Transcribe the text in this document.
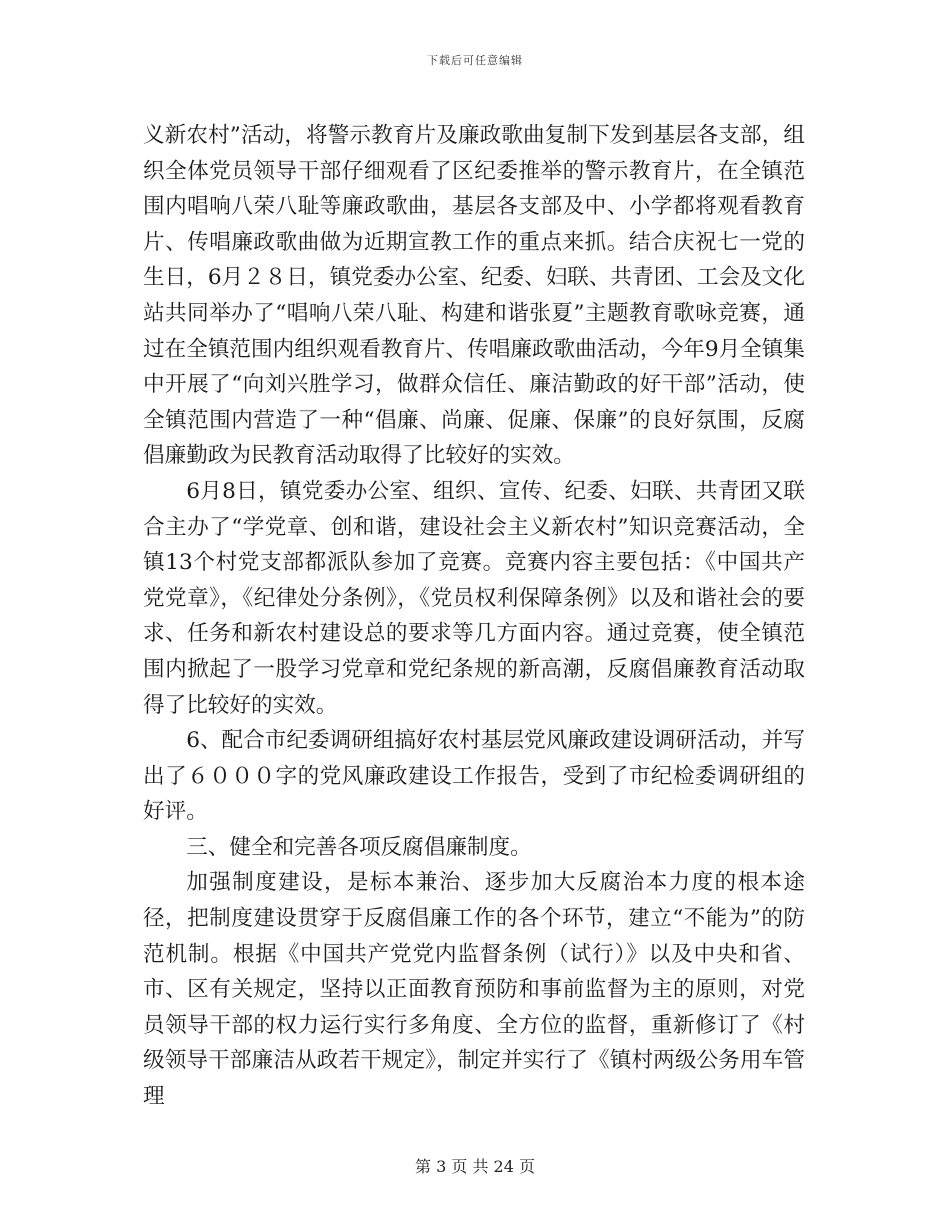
下载后可任意编辑

义新农村”活动，将警示教育片及廉政歌曲复制下发到基层各支部，组织全体党员领导干部仔细观看了区纪委推举的警示教育片，在全镇范围内唱响八荣八耻等廉政歌曲，基层各支部及中、小学都将观看教育片、传唱廉政歌曲做为近期宣教工作的重点来抓。结合庆祝七一党的生日，6月２８日，镇党委办公室、纪委、妇联、共青团、工会及文化站共同举办了“唱响八荣八耻、构建和谐张夏”主题教育歌咏竞赛，通过在全镇范围内组织观看教育片、传唱廉政歌曲活动，今年9月全镇集中开展了“向刘兴胜学习，做群众信任、廉洁勤政的好干部”活动，使全镇范围内营造了一种“倡廉、尚廉、促廉、保廉”的良好氛围，反腐倡廉勤政为民教育活动取得了比较好的实效。

6月8日，镇党委办公室、组织、宣传、纪委、妇联、共青团又联合主办了“学党章、创和谐，建设社会主义新农村”知识竞赛活动，全镇13个村党支部都派队参加了竞赛。竞赛内容主要包括：《中国共产党党章》，《纪律处分条例》，《党员权利保障条例》以及和谐社会的要求、任务和新农村建设总的要求等几方面内容。通过竞赛，使全镇范围内掀起了一股学习党章和党纪条规的新高潮，反腐倡廉教育活动取得了比较好的实效。

6、配合市纪委调研组搞好农村基层党风廉政建设调研活动，并写出了６０００字的党风廉政建设工作报告，受到了市纪检委调研组的好评。

三、健全和完善各项反腐倡廉制度。

加强制度建设，是标本兼治、逐步加大反腐治本力度的根本途径，把制度建设贯穿于反腐倡廉工作的各个环节，建立“不能为”的防范机制。根据《中国共产党党内监督条例（试行）》以及中央和省、市、区有关规定，坚持以正面教育预防和事前监督为主的原则，对党员领导干部的权力运行实行多角度、全方位的监督，重新修订了《村级领导干部廉洁从政若干规定》，制定并实行了《镇村两级公务用车管理

第 3 页 共 24 页
